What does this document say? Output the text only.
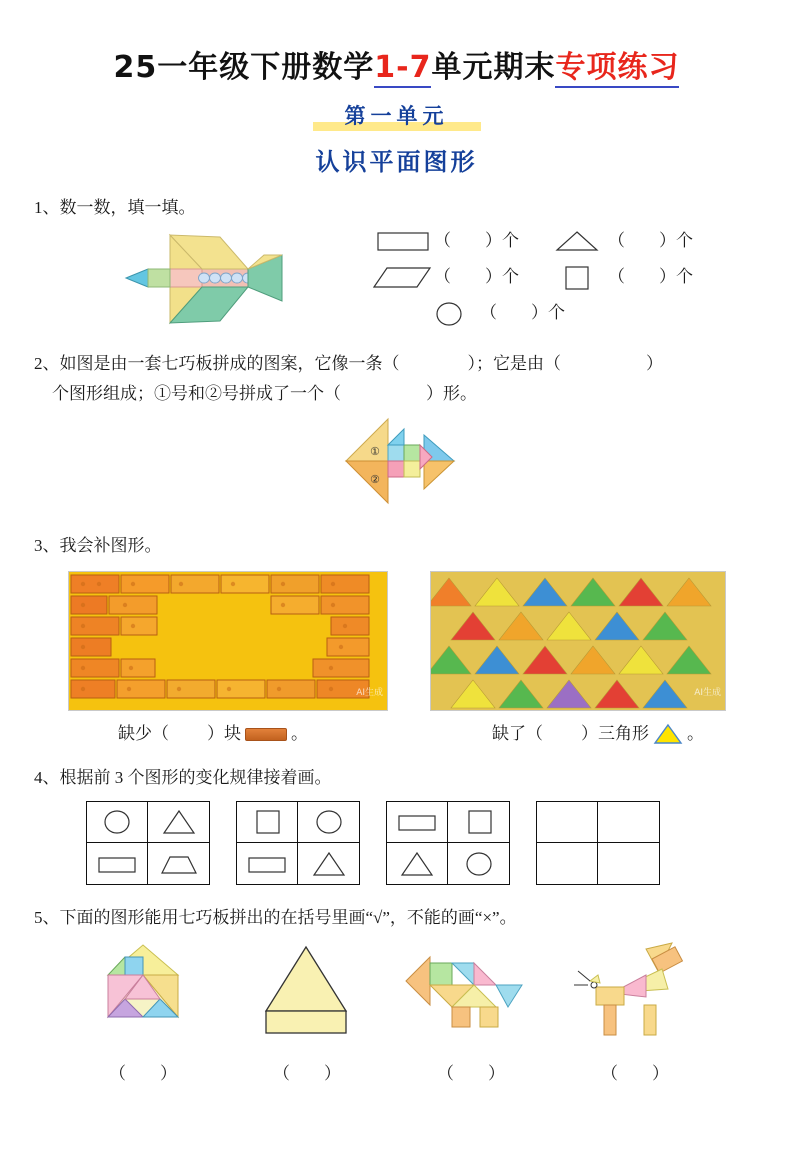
25一年级下册数学1-7单元期末专项练习
第一单元
认识平面图形
1、数一数，填一填。
（　　）个	（　　）个
（　　）个	（　　）个
（　　）个
2、如图是由一套七巧板拼成的图案，它像一条（　　　　）；它是由（　　　　　）
个图形组成；①号和②号拼成了一个（　　　　　）形。
①
②
3、我会补图形。
AI生成	AI生成
缺少（ ）块	。	缺了（ ）三角形 。
4、根据前 3 个图形的变化规律接着画。
5、下面的图形能用七巧板拼出的在括号里画“√”，不能的画“×”。
（　　）	（　　）	（　　）	（　　）
